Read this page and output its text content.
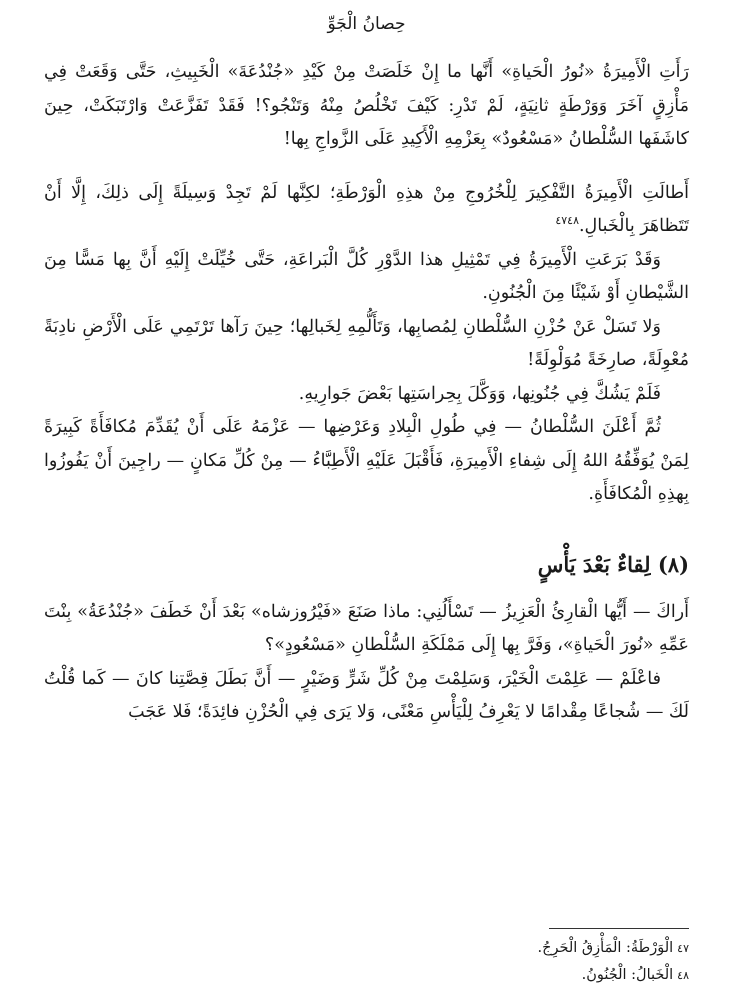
حِصانُ الْجَوِّ

رَأَتِ الْأَمِيرَةُ «نُورُ الْحَياةِ» أَنَّها ما إِنْ خَلَصَتْ مِنْ كَيْدِ «جُنْدُعَةَ» الْخَبِيثِ، حَتَّى وَقَعَتْ فِي مَأْزِقٍ آخَرَ وَوَرْطَةٍ ثانِيَةٍ، لَمْ تَدْرِ: كَيْفَ تَخْلُصُ مِنْهُ وَتَنْجُو؟! فَقَدْ تَفَزَّعَتْ وَارْتَبَكَتْ، حِينَ كاشَفَها السُّلْطانُ «مَسْعُودٌ» بِعَزْمِهِ الْأَكِيدِ عَلَى الزَّواجِ بِها!

أَطالَتِ الْأَمِيرَةُ التَّفْكِيرَ لِلْخُرُوجِ مِنْ هذِهِ الْوَرْطَةِ؛ لكِنَّها لَمْ تَجِدْ وَسِيلَةً إِلَى ذلِكَ، إِلَّا أَنْ تَتَظاهَرَ بِالْخَبالِ.$^{٤٧٤٨}$

وَقَدْ بَرَعَتِ الْأَمِيرَةُ فِي تَمْثِيلِ هذا الدَّوْرِ كُلَّ الْبَراعَةِ، حَتَّى خُيِّلَتْ إِلَيْهِ أَنَّ بِها مَسًّا مِنَ الشَّيْطانِ أَوْ شَيْئًا مِنَ الْجُنُونِ.

وَلا تَسَلْ عَنْ حُزْنِ السُّلْطانِ لِمُصابِها، وَتَأَلُّمِهِ لِخَبالِها؛ حِينَ رَآها تَرْتَمِي عَلَى الْأَرْضِ نادِبَةً مُعْوِلَةً، صارِخَةً مُوَلْوِلَةً!

فَلَمْ يَشُكَّ فِي جُنُونِها، وَوَكَّلَ بِحِراسَتِها بَعْضَ جَوارِيهِ.

ثُمَّ أَعْلَنَ السُّلْطانُ — فِي طُولِ الْبِلادِ وَعَرْضِها — عَزْمَهُ عَلَى أَنْ يُقَدِّمَ مُكافَأَةً كَبِيرَةً لِمَنْ يُوَفِّقُهُ اللهُ إِلَى شِفاءِ الْأَمِيرَةِ، فَأَقْبَلَ عَلَيْهِ الْأَطِبَّاءُ — مِنْ كُلِّ مَكانٍ — راجِينَ أَنْ يَفُوزُوا بِهذِهِ الْمُكافَأَةِ.

(٨) لِقاءٌ بَعْدَ يَأْسٍ

أَراكَ — أَيُّها الْقارِئُ الْعَزِيزُ — تَسْأَلُنِي: ماذا صَنَعَ «فَيْرُوزشاه» بَعْدَ أَنْ خَطَفَ «جُنْدُعَةُ» بِنْتَ عَمِّهِ «نُورَ الْحَياةِ»، وَفَرَّ بِها إِلَى مَمْلَكَةِ السُّلْطانِ «مَسْعُودٍ»؟

فاعْلَمْ — عَلِمْتَ الْخَيْرَ، وَسَلِمْتَ مِنْ كُلِّ شَرٍّ وَضَيْرٍ — أَنَّ بَطَلَ قِصَّتِنا كانَ — كَما قُلْتُ لَكَ — شُجاعًا مِقْدامًا لا يَعْرِفُ لِلْيَأْسِ مَعْنًى، وَلا يَرَى فِي الْحُزْنِ فائِدَةً؛ فَلا عَجَبَ

٤٧الْوَرْطَةُ: الْمَأْزِقُ الْحَرِجُ.

٤٨الْخَبالُ: الْجُنُونُ.
